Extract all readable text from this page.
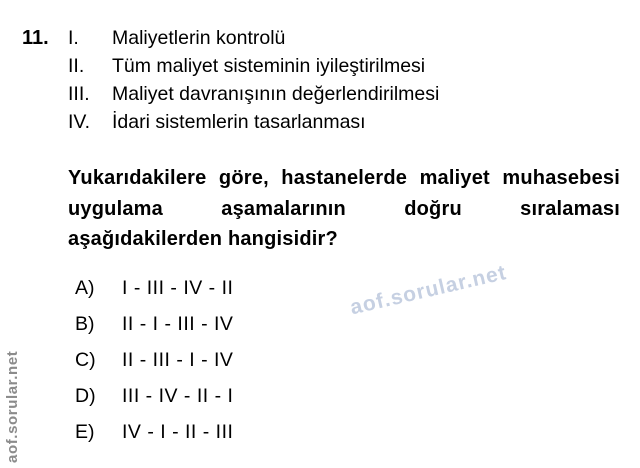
11. I.	Maliyetlerin kontrolü
II.	Tüm maliyet sisteminin iyileştirilmesi
III.	Maliyet davranışının değerlendirilmesi
IV.	İdari sistemlerin tasarlanması
Yukarıdakilere göre, hastanelerde maliyet muhasebesi uygulama aşamalarının doğru sıralaması aşağıdakilerden hangisidir?
A)	I - III - IV - II
B)	II - I - III - IV
C)	II - III - I - IV
D)	III - IV - II - I
E)	IV - I - II - III
aof.sorular.net
aof.sorular.net
